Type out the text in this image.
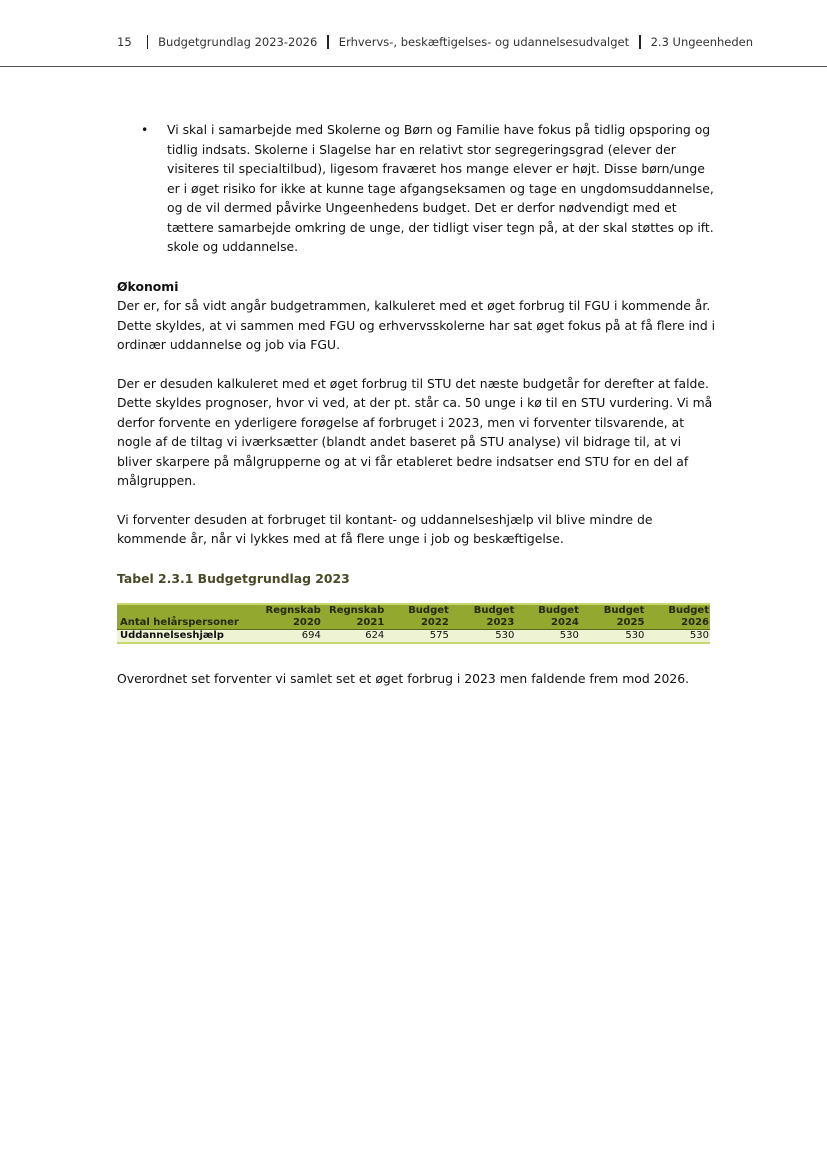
15 Budgetgrundlag 2023-2026 Erhvervs-, beskæftigelses- og udannelsesudvalget 2.3 Ungeenheden
• Vi skal i samarbejde med Skolerne og Børn og Familie have fokus på tidlig opsporing og tidlig indsats. Skolerne i Slagelse har en relativt stor segregeringsgrad (elever der visiteres til specialtilbud), ligesom fraværet hos mange elever er højt. Disse børn/unge er i øget risiko for ikke at kunne tage afgangseksamen og tage en ungdomsuddannelse, og de vil dermed påvirke Ungeenhedens budget. Det er derfor nødvendigt med et tættere samarbejde omkring de unge, der tidligt viser tegn på, at der skal støttes op ift. skole og uddannelse.

Økonomi

Der er, for så vidt angår budgetrammen, kalkuleret med et øget forbrug til FGU i kommende år. Dette skyldes, at vi sammen med FGU og erhvervsskolerne har sat øget fokus på at få flere ind i ordinær uddannelse og job via FGU.

Der er desuden kalkuleret med et øget forbrug til STU det næste budgetår for derefter at falde. Dette skyldes prognoser, hvor vi ved, at der pt. står ca. 50 unge i kø til en STU vurdering. Vi må derfor forvente en yderligere forøgelse af forbruget i 2023, men vi forventer tilsvarende, at nogle af de tiltag vi iværksætter (blandt andet baseret på STU analyse) vil bidrage til, at vi bliver skarpere på målgrupperne og at vi får etableret bedre indsatser end STU for en del af målgruppen.

Vi forventer desuden at forbruget til kontant- og uddannelseshjælp vil blive mindre de kommende år, når vi lykkes med at få flere unge i job og beskæftigelse.

Tabel 2.3.1 Budgetgrundlag 2023

	Regnskab	Regnskab	Budget	Budget	Budget	Budget	Budget
Antal helårspersoner	2020	2021	2022	2023	2024	2025	2026
Uddannelseshjælp	694	624	575	530	530	530	530

Overordnet set forventer vi samlet set et øget forbrug i 2023 men faldende frem mod 2026.
